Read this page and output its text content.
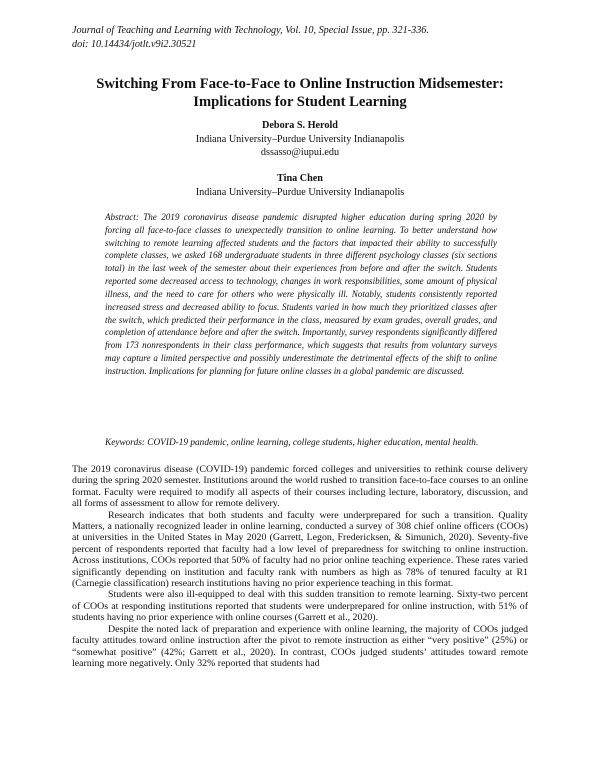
Journal of Teaching and Learning with Technology, Vol. 10, Special Issue, pp. 321-336.
doi: 10.14434/jotlt.v9i2.30521
Switching From Face-to-Face to Online Instruction Midsemester:
Implications for Student Learning
Debora S. Herold
Indiana University–Purdue University Indianapolis
dssasso@iupui.edu
Tina Chen
Indiana University–Purdue University Indianapolis
Abstract: The 2019 coronavirus disease pandemic disrupted higher education during spring 2020 by forcing all face-to-face classes to unexpectedly transition to online learning. To better understand how switching to remote learning affected students and the factors that impacted their ability to successfully complete classes, we asked 168 undergraduate students in three different psychology classes (six sections total) in the last week of the semester about their experiences from before and after the switch. Students reported some decreased access to technology, changes in work responsibilities, some amount of physical illness, and the need to care for others who were physically ill. Notably, students consistently reported increased stress and decreased ability to focus. Students varied in how much they prioritized classes after the switch, which predicted their performance in the class, measured by exam grades, overall grades, and completion of attendance before and after the switch. Importantly, survey respondents significantly differed from 173 nonrespondents in their class performance, which suggests that results from voluntary surveys may capture a limited perspective and possibly underestimate the detrimental effects of the shift to online instruction. Implications for planning for future online classes in a global pandemic are discussed.
Keywords: COVID-19 pandemic, online learning, college students, higher education, mental health.

The 2019 coronavirus disease (COVID-19) pandemic forced colleges and universities to rethink course delivery during the spring 2020 semester. Institutions around the world rushed to transition face-to-face courses to an online format. Faculty were required to modify all aspects of their courses including lecture, laboratory, discussion, and all forms of assessment to allow for remote delivery.

Research indicates that both students and faculty were underprepared for such a transition. Quality Matters, a nationally recognized leader in online learning, conducted a survey of 308 chief online officers (COOs) at universities in the United States in May 2020 (Garrett, Legon, Fredericksen, & Simunich, 2020). Seventy-five percent of respondents reported that faculty had a low level of preparedness for switching to online instruction. Across institutions, COOs reported that 50% of faculty had no prior online teaching experience. These rates varied significantly depending on institution and faculty rank with numbers as high as 78% of tenured faculty at R1 (Carnegie classification) research institutions having no prior experience teaching in this format.

Students were also ill-equipped to deal with this sudden transition to remote learning. Sixty-two percent of COOs at responding institutions reported that students were underprepared for online instruction, with 51% of students having no prior experience with online courses (Garrett et al., 2020).

Despite the noted lack of preparation and experience with online learning, the majority of COOs judged faculty attitudes toward online instruction after the pivot to remote instruction as either “very positive” (25%) or “somewhat positive” (42%; Garrett et al., 2020). In contrast, COOs judged students’ attitudes toward remote learning more negatively. Only 32% reported that students had
